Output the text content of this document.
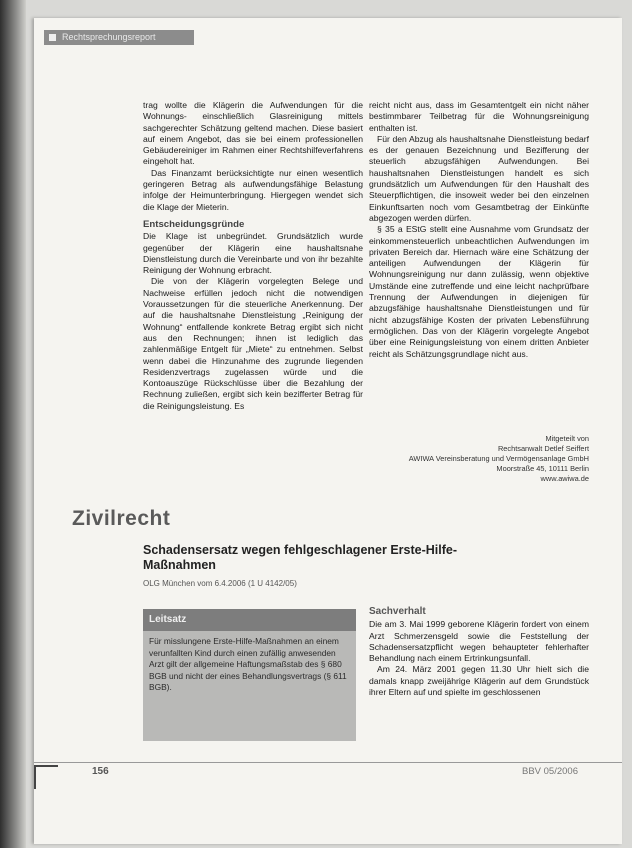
Rechtsprechungsreport

trag wollte die Klägerin die Aufwendungen für die Wohnungs- einschließlich Glasreinigung mittels sachgerechter Schätzung geltend machen. Diese basiert auf einem Angebot, das sie bei einem professionellen Gebäudereiniger im Rahmen einer Rechtshilfeverfahrens eingeholt hat.

Das Finanzamt berücksichtigte nur einen wesentlich geringeren Betrag als aufwendungsfähige Belastung infolge der Heimunterbringung. Hiergegen wendet sich die Klage der Mieterin.

Entscheidungsgründe

Die Klage ist unbegründet. Grundsätzlich wurde gegenüber der Klägerin eine haushaltsnahe Dienstleistung durch die Vereinbarte und von ihr bezahlte Reinigung der Wohnung erbracht.

Die von der Klägerin vorgelegten Belege und Nachweise erfüllen jedoch nicht die notwendigen Voraussetzungen für die steuerliche Anerkennung. Der auf die haushaltsnahe Dienstleistung „Reinigung der Wohnung“ entfallende konkrete Betrag ergibt sich nicht aus den Rechnungen; ihnen ist lediglich das zahlenmäßige Entgelt für „Miete“ zu entnehmen. Selbst wenn dabei die Hinzunahme des zugrunde liegenden Residenzvertrags zugelassen würde und die Kontoauszüge Rückschlüsse über die Bezahlung der Rechnung zuließen, ergibt sich kein bezifferter Betrag für die Reinigungsleistung. Es

reicht nicht aus, dass im Gesamtentgelt ein nicht näher bestimmbarer Teilbetrag für die Wohnungsreinigung enthalten ist.

Für den Abzug als haushaltsnahe Dienstleistung bedarf es der genauen Bezeichnung und Bezifferung der steuerlich abzugsfähigen Aufwendungen. Bei haushaltsnahen Dienstleistungen handelt es sich grundsätzlich um Aufwendungen für den Haushalt des Steuerpflichtigen, die insoweit weder bei den einzelnen Einkunftsarten noch vom Gesamtbetrag der Einkünfte abgezogen werden dürfen.

§ 35 a EStG stellt eine Ausnahme vom Grundsatz der einkommensteuerlich unbeachtlichen Aufwendungen im privaten Bereich dar. Hiernach wäre eine Schätzung der anteiligen Aufwendungen der Klägerin für Wohnungsreinigung nur dann zulässig, wenn objektive Umstände eine zutreffende und eine leicht nachprüfbare Trennung der Aufwendungen in diejenigen für abzugsfähige haushaltsnahe Dienstleistungen und für nicht abzugsfähige Kosten der privaten Lebensführung ermöglichen. Das von der Klägerin vorgelegte Angebot über eine Reinigungsleistung von einem dritten Anbieter reicht als Schätzungsgrundlage nicht aus.

Mitgeteilt von
Rechtsanwalt Detlef Seiffert
AWIWA Vereinsberatung und Vermögensanlage GmbH
Moorstraße 45, 10111 Berlin
www.awiwa.de
Zivilrecht
Schadensersatz wegen fehlgeschlagener Erste-Hilfe-Maßnahmen
OLG München vom 6.4.2006 (1 U 4142/05)
Leitsatz
Für misslungene Erste-Hilfe-Maßnahmen an einem verunfallten Kind durch einen zufällig anwesenden Arzt gilt der allgemeine Haftungsmaßstab des § 680 BGB und nicht der eines Behandlungsvertrags (§ 611 BGB).
Sachverhalt

Die am 3. Mai 1999 geborene Klägerin fordert von einem Arzt Schmerzensgeld sowie die Feststellung der Schadensersatzpflicht wegen behaupteter fehlerhafter Behandlung nach einem Ertrinkungsunfall.

Am 24. März 2001 gegen 11.30 Uhr hielt sich die damals knapp zweijährige Klägerin auf dem Grundstück ihrer Eltern auf und spielte im geschlossenen

156	BBV 05/2006
